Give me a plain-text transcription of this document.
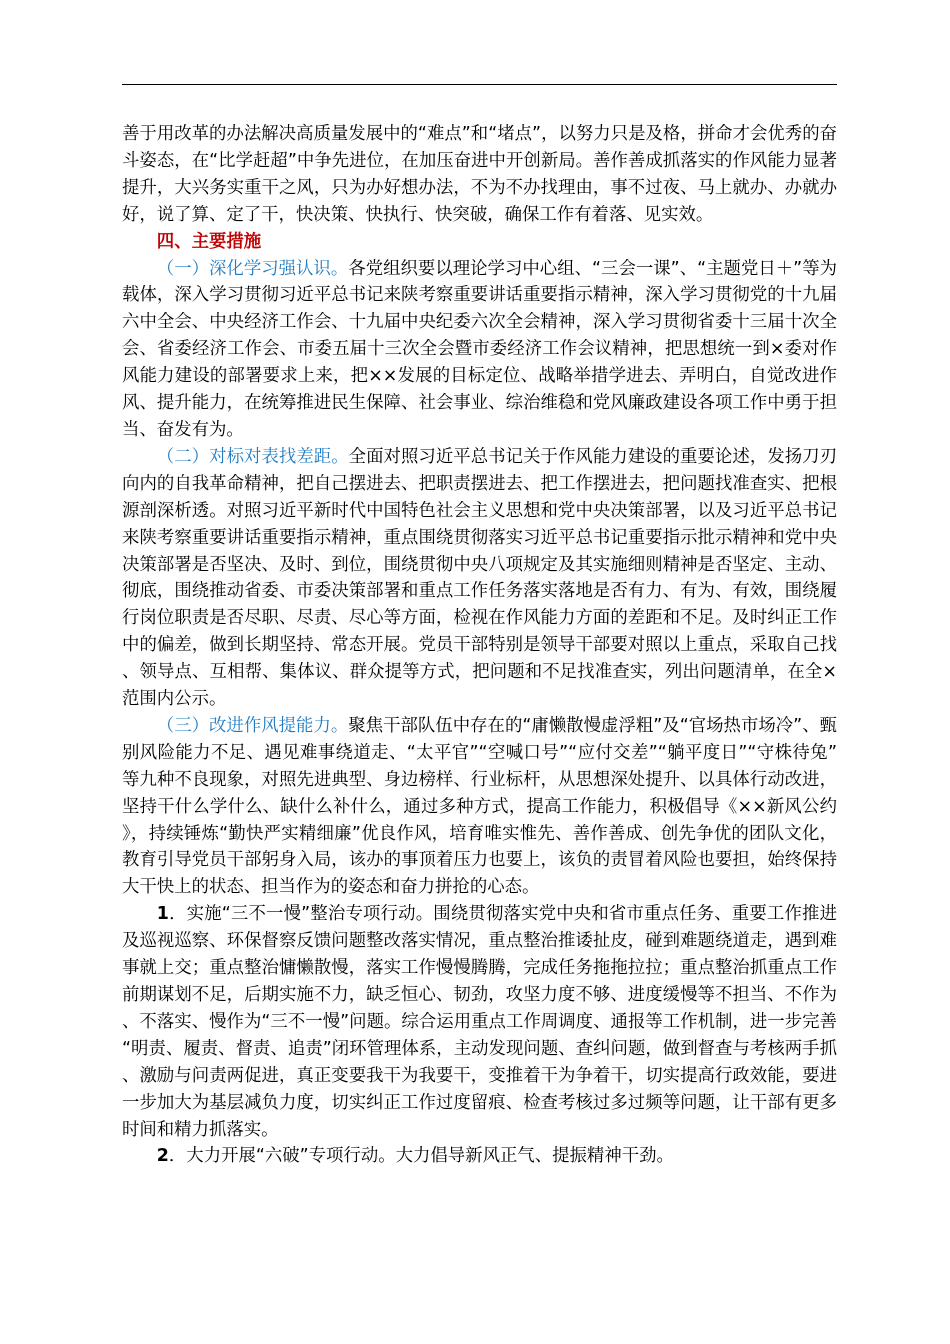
善于用改革的办法解决高质量发展中的“难点”和“堵点”，以努力只是及格，拼命才会优秀的奋斗姿态，在“比学赶超”中争先进位，在加压奋进中开创新局。善作善成抓落实的作风能力显著提升，大兴务实重干之风，只为办好想办法，不为不办找理由，事不过夜、马上就办、办就办好，说了算、定了干，快决策、快执行、快突破，确保工作有着落、见实效。

四、主要措施

（一）深化学习强认识。各党组织要以理论学习中心组、“三会一课”、“主题党日＋”等为载体，深入学习贯彻习近平总书记来陕考察重要讲话重要指示精神，深入学习贯彻党的十九届六中全会、中央经济工作会、十九届中央纪委六次全会精神，深入学习贯彻省委十三届十次全会、省委经济工作会、市委五届十三次全会暨市委经济工作会议精神，把思想统一到×委对作风能力建设的部署要求上来，把××发展的目标定位、战略举措学进去、弄明白，自觉改进作风、提升能力，在统筹推进民生保障、社会事业、综治维稳和党风廉政建设各项工作中勇于担当、奋发有为。

（二）对标对表找差距。全面对照习近平总书记关于作风能力建设的重要论述，发扬刀刃向内的自我革命精神，把自己摆进去、把职责摆进去、把工作摆进去，把问题找准查实、把根源剖深析透。对照习近平新时代中国特色社会主义思想和党中央决策部署，以及习近平总书记来陕考察重要讲话重要指示精神，重点围绕贯彻落实习近平总书记重要指示批示精神和党中央决策部署是否坚决、及时、到位，围绕贯彻中央八项规定及其实施细则精神是否坚定、主动、彻底，围绕推动省委、市委决策部署和重点工作任务落实落地是否有力、有为、有效，围绕履行岗位职责是否尽职、尽责、尽心等方面，检视在作风能力方面的差距和不足。及时纠正工作中的偏差，做到长期坚持、常态开展。党员干部特别是领导干部要对照以上重点，采取自己找、领导点、互相帮、集体议、群众提等方式，把问题和不足找准查实，列出问题清单，在全×范围内公示。

（三）改进作风提能力。聚焦干部队伍中存在的“庸懒散慢虚浮粗”及“官场热市场冷”、甄别风险能力不足、遇见难事绕道走、“太平官”“空喊口号”“应付交差”“躺平度日”“守株待兔”等九种不良现象，对照先进典型、身边榜样、行业标杆，从思想深处提升、以具体行动改进，坚持干什么学什么、缺什么补什么，通过多种方式，提高工作能力，积极倡导《××新风公约》，持续锤炼“勤快严实精细廉”优良作风，培育唯实惟先、善作善成、创先争优的团队文化，教育引导党员干部躬身入局，该办的事顶着压力也要上，该负的责冒着风险也要担，始终保持大干快上的状态、担当作为的姿态和奋力拼抢的心态。

1．实施“三不一慢”整治专项行动。围绕贯彻落实党中央和省市重点任务、重要工作推进及巡视巡察、环保督察反馈问题整改落实情况，重点整治推诿扯皮，碰到难题绕道走，遇到难事就上交；重点整治慵懒散慢，落实工作慢慢腾腾，完成任务拖拖拉拉；重点整治抓重点工作前期谋划不足，后期实施不力，缺乏恒心、韧劲，攻坚力度不够、进度缓慢等不担当、不作为、不落实、慢作为“三不一慢”问题。综合运用重点工作周调度、通报等工作机制，进一步完善“明责、履责、督责、追责”闭环管理体系，主动发现问题、查纠问题，做到督查与考核两手抓、激励与问责两促进，真正变要我干为我要干，变推着干为争着干，切实提高行政效能，要进一步加大为基层减负力度，切实纠正工作过度留痕、检查考核过多过频等问题，让干部有更多时间和精力抓落实。

2．大力开展“六破”专项行动。大力倡导新风正气、提振精神干劲。
